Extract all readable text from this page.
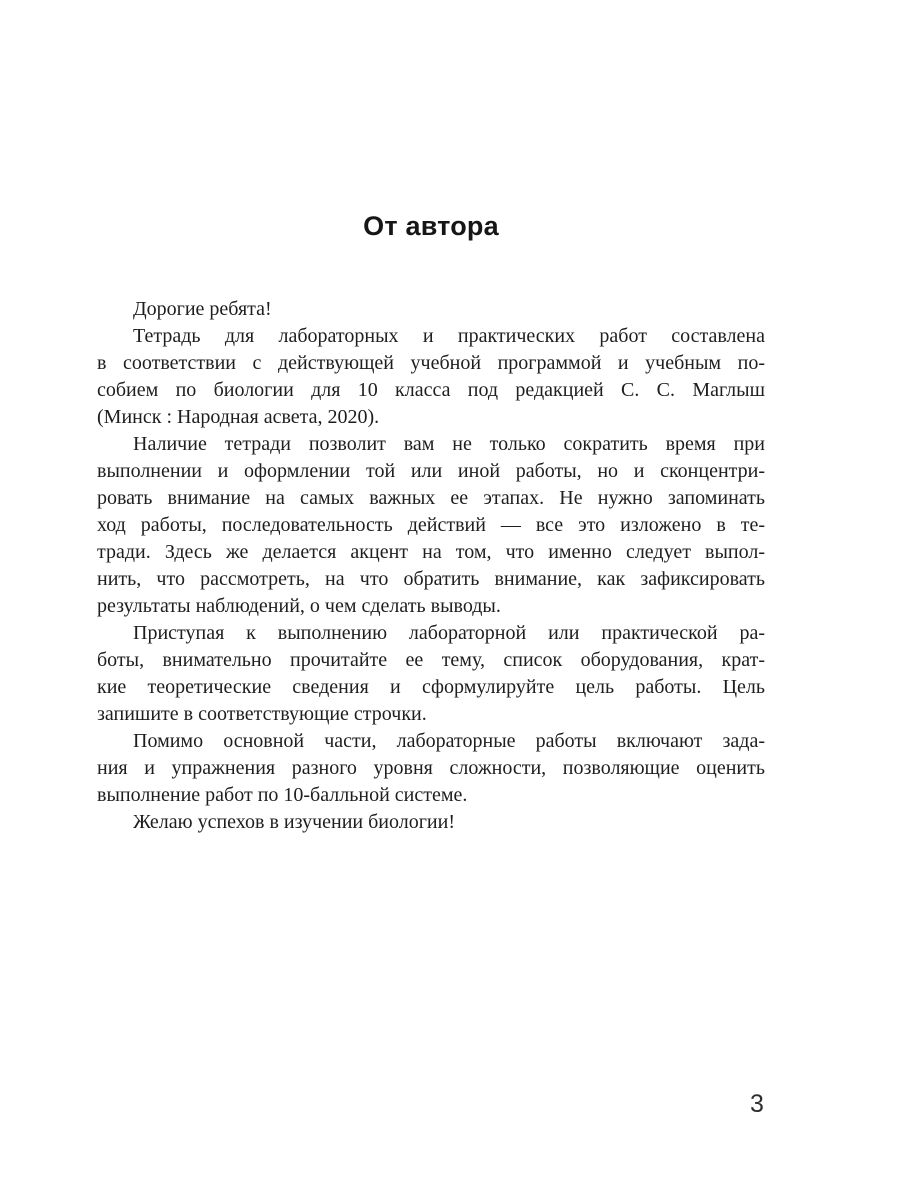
От автора
Дорогие ребята!
Тетрадь для лабораторных и практических работ составлена
в соответствии с действующей учебной программой и учебным по-
собием по биологии для 10 класса под редакцией С. С. Маглыш
(Минск : Народная асвета, 2020).
Наличие тетради позволит вам не только сократить время при
выполнении и оформлении той или иной работы, но и сконцентри-
ровать внимание на самых важных ее этапах. Не нужно запоминать
ход работы, последовательность действий — все это изложено в те-
тради. Здесь же делается акцент на том, что именно следует выпол-
нить, что рассмотреть, на что обратить внимание, как зафиксировать
результаты наблюдений, о чем сделать выводы.
Приступая к выполнению лабораторной или практической ра-
боты, внимательно прочитайте ее тему, список оборудования, крат-
кие теоретические сведения и сформулируйте цель работы. Цель
запишите в соответствующие строчки.
Помимо основной части, лабораторные работы включают зада-
ния и упражнения разного уровня сложности, позволяющие оценить
выполнение работ по 10-балльной системе.
Желаю успехов в изучении биологии!
3
